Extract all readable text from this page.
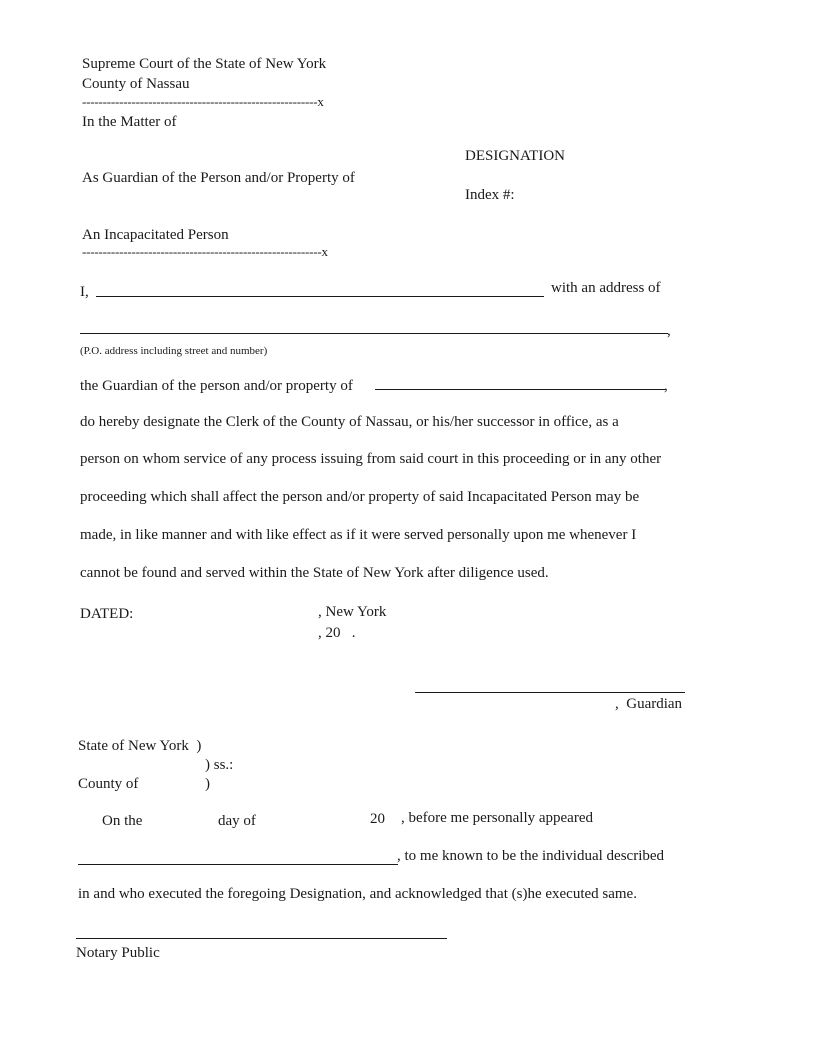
Supreme Court of the State of New York
County of Nassau
---------------------------------------------------------x
In the Matter of
As Guardian of the Person and/or Property of
An Incapacitated Person
----------------------------------------------------------x
DESIGNATION
Index #:
I,	with an address of
,
(P.O. address including street and number)
the Guardian of the person and/or property of	,
do hereby designate the Clerk of the County of Nassau, or his/her successor in office, as a
person on whom service of any process issuing from said court in this proceeding or in any other
proceeding which shall affect the person and/or property of said Incapacitated Person may be
made, in like manner and with like effect as if it were served personally upon me whenever I
cannot be found and served within the State of New York after diligence used.
DATED:	, New York
, 20   .
,  Guardian
State of New York  )
) ss.:
County of	)
On the	day of	20 , before me personally appeared
, to me known to be the individual described
in and who executed the foregoing Designation, and acknowledged that (s)he executed same.
Notary Public
